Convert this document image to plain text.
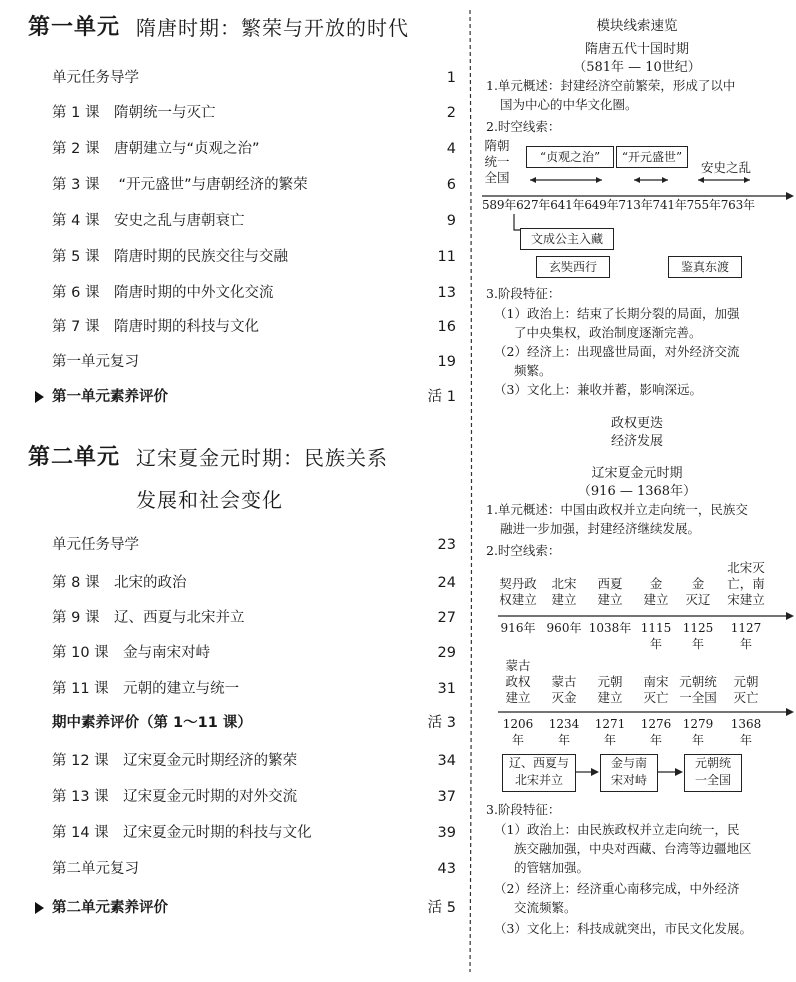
第一单元 隋唐时期：繁荣与开放的时代
单元任务导学	1
第 1 课　隋朝统一与灭亡	2
第 2 课　唐朝建立与“贞观之治”	4
第 3 课　 “开元盛世”与唐朝经济的繁荣	6
第 4 课　安史之乱与唐朝衰亡	9
第 5 课　隋唐时期的民族交往与交融	11
第 6 课　隋唐时期的中外文化交流	13
第 7 课　隋唐时期的科技与文化	16
第一单元复习	19
第一单元素养评价	活 1
第二单元 辽宋夏金元时期：民族关系
发展和社会变化
单元任务导学	23
第 8 课　北宋的政治	24
第 9 课　辽、西夏与北宋并立	27
第 10 课　金与南宋对峙	29
第 11 课　元朝的建立与统一	31
期中素养评价（第 1～11 课）	活 3
第 12 课　辽宋夏金元时期经济的繁荣	34
第 13 课　辽宋夏金元时期的对外交流	37
第 14 课　辽宋夏金元时期的科技与文化	39
第二单元复习	43
第二单元素养评价	活 5
模块线索速览
隋唐五代十国时期
（581年 — 10世纪）
1.单元概述：封建经济空前繁荣，形成了以中
国为中心的中华文化圈。
2.时空线索：
隋朝
统一
全国
“贞观之治”	“开元盛世”
安史之乱
589年627年641年649年713年741年755年763年
文成公主入藏
玄奘西行	鉴真东渡
3.阶段特征：
（1）政治上：结束了长期分裂的局面，加强
了中央集权，政治制度逐渐完善。
（2）经济上：出现盛世局面，对外经济交流
频繁。
（3）文化上：兼收并蓄，影响深远。
政权更迭
经济发展
辽宋夏金元时期
（916 — 1368年）
1.单元概述：中国由政权并立走向统一，民族交
融进一步加强，封建经济继续发展。
2.时空线索：
契丹政
权建立
916年
北宋
建立
960年
西夏
建立
1038年
金
建立
1115
年
金
灭辽
1125
年
北宋灭
亡，南
宋建立
1127
年
蒙古
政权
建立
1206
年
蒙古
灭金
1234
年
元朝
建立
1271
年
南宋
灭亡
1276
年
元朝统
一全国
1279
年
元朝
灭亡
1368
年
辽、西夏与
北宋并立
金与南
宋对峙
元朝统
一全国
3.阶段特征：
（1）政治上：由民族政权并立走向统一，民
族交融加强，中央对西藏、台湾等边疆地区
的管辖加强。
（2）经济上：经济重心南移完成，中外经济
交流频繁。
（3）文化上：科技成就突出，市民文化发展。
